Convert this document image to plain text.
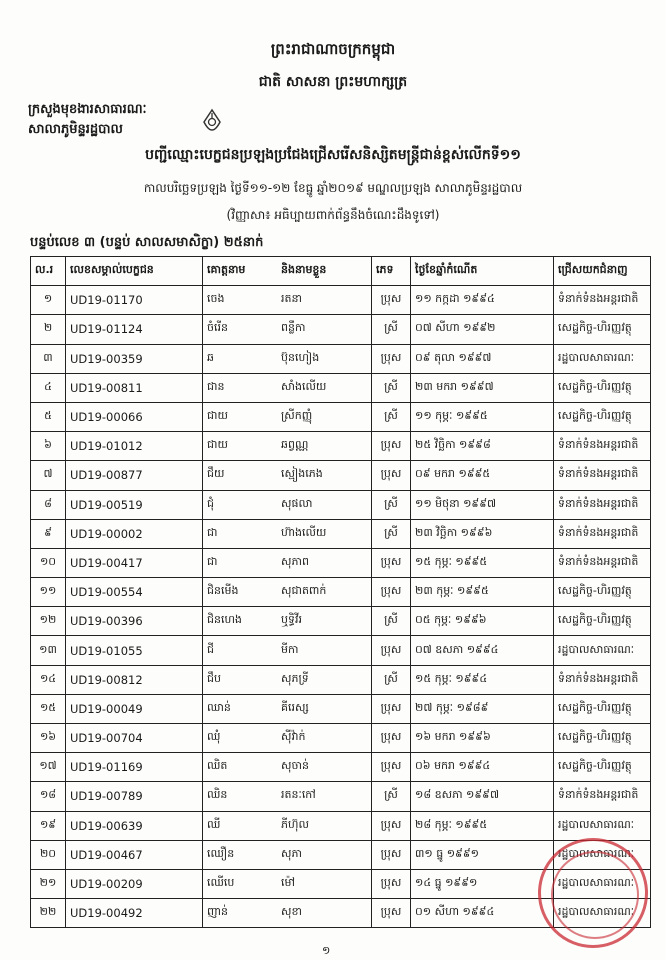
ព្រះរាជាណាចក្រកម្ពុជា
ជាតិ សាសនា ព្រះមហាក្សត្រ
ក្រសួងមុខងារសាធារណៈ
សាលាភូមិន្ទរដ្ឋបាល
បញ្ជីឈ្មោះបេក្ខជនប្រឡងប្រជែងជ្រើសរើសនិស្សិតមន្ត្រីជាន់ខ្ពស់លើកទី១១
កាលបរិច្ឆេទប្រឡង ថ្ងៃទី១១-១២ ខែធ្នូ ឆ្នាំ២០១៩ មណ្ឌលប្រឡង សាលាភូមិន្ទរដ្ឋបាល
(វិញ្ញាសា៖ អធិប្បាយពាក់ព័ន្ធនឹងចំណេះដឹងទូទៅ)
បន្ទប់លេខ ៣ (បន្ទប់ សាលសមាសិក្ខា) ២៥នាក់
ល.រ	លេខសម្គាល់បេក្ខជន	គោត្តនាម	និងនាមខ្លួន	ភេទ	ថ្ងៃខែឆ្នាំកំណើត	ជ្រើសយកជំនាញ
១	UD19-01170	ចេង	រតនា	ប្រុស	១១ កក្កដា ១៩៩៤	ទំនាក់ទំនងអន្តរជាតិ
២	UD19-01124	ចំរើន	ពន្លឺកា	ស្រី	០៧ សីហា ១៩៩២	សេដ្ឋកិច្ច-ហិរញ្ញវត្ថុ
៣	UD19-00359	ឆ	ប៊ុនហៀង	ប្រុស	០៩ តុលា ១៩៩៧	រដ្ឋបាលសាធារណៈ
៤	UD19-00811	ជាន	សាំងលើយ	ស្រី	២៣ មករា ១៩៩៧	សេដ្ឋកិច្ច-ហិរញ្ញវត្ថុ
៥	UD19-00066	ជាយ	ស្រីកញ្ញុំ	ស្រី	១១ កុម្ភៈ ១៩៩៥	សេដ្ឋកិច្ច-ហិរញ្ញវត្ថុ
៦	UD19-01012	ជាយ	ឆព្វណ្ណ	ប្រុស	២៥ វិច្ឆិកា ១៩៩៨	ទំនាក់ទំនងអន្តរជាតិ
៧	UD19-00877	ជឹយ	ស្មៀងភេង	ប្រុស	០៩ មករា ១៩៩៥	ទំនាក់ទំនងអន្តរជាតិ
៨	UD19-00519	ជុំ	សុផលា	ស្រី	១១ មិថុនា ១៩៩៧	ទំនាក់ទំនងអន្តរជាតិ
៩	UD19-00002	ជា	ហ៊ាងលើយ	ស្រី	២៣ វិច្ឆិកា ១៩៩៦	ទំនាក់ទំនងអន្តរជាតិ
១០	UD19-00417	ជា	សុភាព	ប្រុស	១៥ កុម្ភៈ ១៩៩៥	ទំនាក់ទំនងអន្តរជាតិ
១១	UD19-00554	ជិនមើង	សុជាតពាក់	ប្រុស	២៣ កុម្ភៈ ១៩៩៥	សេដ្ឋកិច្ច-ហិរញ្ញវត្ថុ
១២	UD19-00396	ជិនហេង	ឬទ្ធិវីរ	ស្រី	០៥ កុម្ភៈ ១៩៩៦	សេដ្ឋកិច្ច-ហិរញ្ញវត្ថុ
១៣	UD19-01055	ជី	មីកា	ប្រុស	០៧ ឧសភា ១៩៩៤	រដ្ឋបាលសាធារណៈ
១៤	UD19-00812	ជឹប	សុភទ្រី	ស្រី	១៥ កុម្ភៈ ១៩៩៤	ទំនាក់ទំនងអន្តរជាតិ
១៥	UD19-00049	ឈាន់	គីរេស្ស	ប្រុស	២៧ កុម្ភៈ ១៩៨៩	សេដ្ឋកិច្ច-ហិរញ្ញវត្ថុ
១៦	UD19-00704	ឈុំ	ស៊ីវ៉ាក់	ប្រុស	១៦ មករា ១៩៩៦	សេដ្ឋកិច្ច-ហិរញ្ញវត្ថុ
១៧	UD19-01169	ឈិត	សុចាន់	ប្រុស	០៦ មករា ១៩៩៤	សេដ្ឋកិច្ច-ហិរញ្ញវត្ថុ
១៨	UD19-00789	ឈិន	រតនៈកៅ	ស្រី	១៨ ឧសភា ១៩៩៧	ទំនាក់ទំនងអន្តរជាតិ
១៩	UD19-00639	ឈី	ភីហ៊ុល	ប្រុស	២៨ កុម្ភៈ ១៩៩៥	រដ្ឋបាលសាធារណៈ
២០	UD19-00467	ឈឿន	សុភា	ប្រុស	៣១ ធ្នូ ១៩៩១	រដ្ឋបាលសាធារណៈ
២១	UD19-00209	ឈើបេ	ម៉ៅ	ប្រុស	១៤ ធ្នូ ១៩៩១	រដ្ឋបាលសាធារណៈ
២២	UD19-00492	ញាន់	សុខា	ប្រុស	០១ សីហា ១៩៩៤	រដ្ឋបាលសាធារណៈ
១
